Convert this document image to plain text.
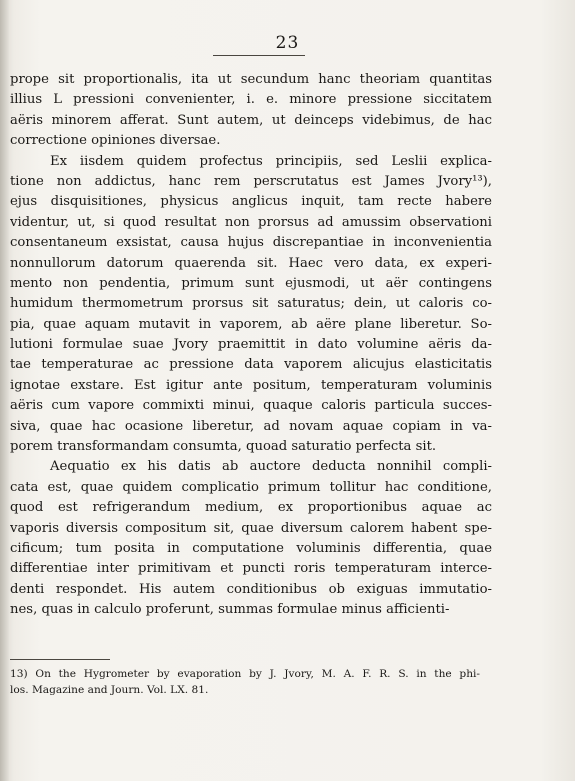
23
prope sit proportionalis, ita ut secundum hanc theoriam quantitas
illius L pressioni convenienter, i. e. minore pressione siccitatem
aëris minorem afferat. Sunt autem, ut deinceps videbimus, de hac
correctione opiniones diversae.
Ex iisdem quidem profectus principiis, sed Leslii explica-
tione non addictus, hanc rem perscrutatus est James Jvory¹³),
ejus disquisitiones, physicus anglicus inquit, tam recte habere
videntur, ut, si quod resultat non prorsus ad amussim observationi
consentaneum exsistat, causa hujus discrepantiae in inconvenientia
nonnullorum datorum quaerenda sit. Haec vero data, ex experi-
mento non pendentia, primum sunt ejusmodi, ut aër contingens
humidum thermometrum prorsus sit saturatus; dein, ut caloris co-
pia, quae aquam mutavit in vaporem, ab aëre plane liberetur. So-
lutioni formulae suae Jvory praemittit in dato volumine aëris da-
tae temperaturae ac pressione data vaporem alicujus elasticitatis
ignotae exstare. Est igitur ante positum, temperaturam voluminis
aëris cum vapore commixti minui, quaque caloris particula succes-
siva, quae hac ocasione liberetur, ad novam aquae copiam in va-
porem transformandam consumta, quoad saturatio perfecta sit.
Aequatio ex his datis ab auctore deducta nonnihil compli-
cata est, quae quidem complicatio primum tollitur hac conditione,
quod est refrigerandum medium, ex proportionibus aquae ac
vaporis diversis compositum sit, quae diversum calorem habent spe-
cificum; tum posita in computatione voluminis differentia, quae
differentiae inter primitivam et puncti roris temperaturam interce-
denti respondet. His autem conditionibus ob exiguas immutatio-
nes, quas in calculo proferunt, summas formulae minus afficienti-
13) On the Hygrometer by evaporation by J. Jvory, M. A. F. R. S. in the phi-
los. Magazine and Journ. Vol. LX. 81.
